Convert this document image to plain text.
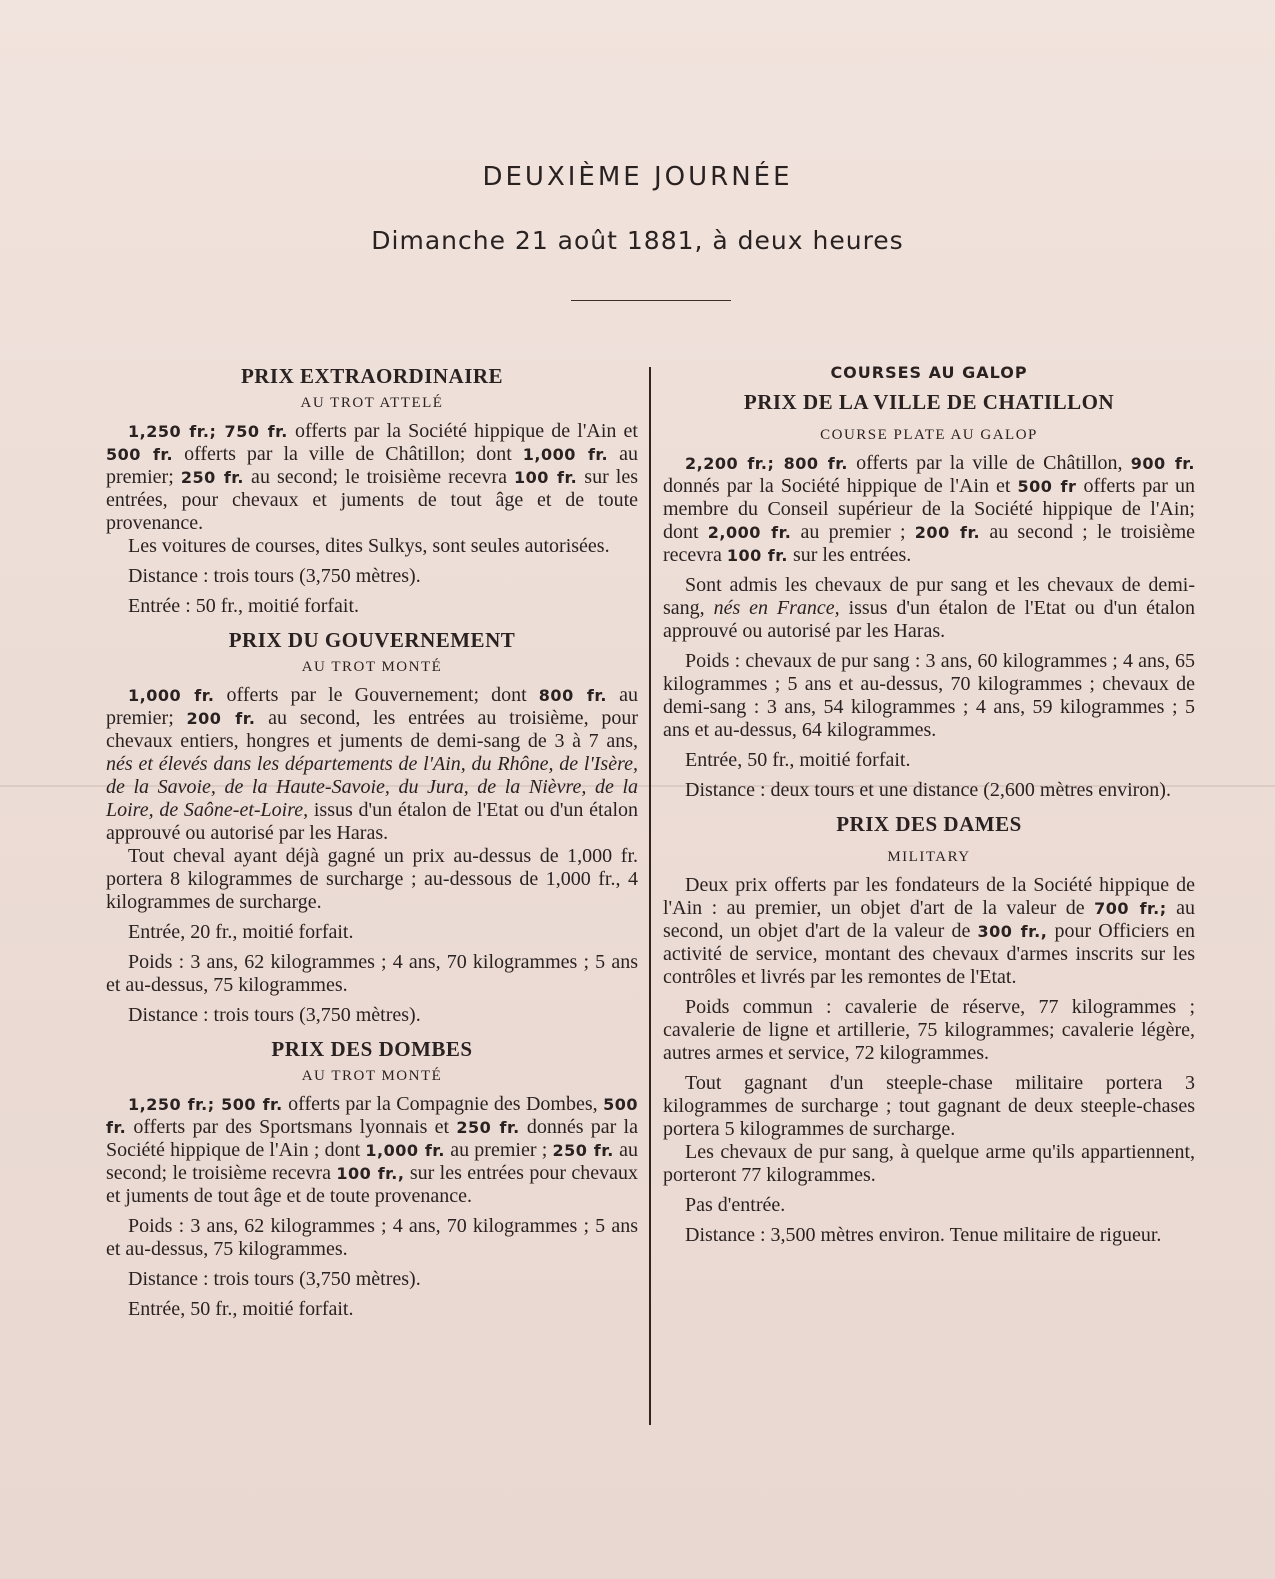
DEUXIÈME JOURNÉE
Dimanche 21 août 1881, à deux heures
PRIX EXTRAORDINAIRE
AU TROT ATTELÉ

1,250 fr.; 750 fr. offerts par la Société hippique de l'Ain et 500 fr. offerts par la ville de Châtillon; dont 1,000 fr. au premier; 250 fr. au second; le troisième recevra 100 fr. sur les entrées, pour chevaux et juments de tout âge et de toute provenance.

Les voitures de courses, dites Sulkys, sont seules autorisées.

Distance : trois tours (3,750 mètres).

Entrée : 50 fr., moitié forfait.

PRIX DU GOUVERNEMENT
AU TROT MONTÉ

1,000 fr. offerts par le Gouvernement; dont 800 fr. au premier; 200 fr. au second, les entrées au troisième, pour chevaux entiers, hongres et juments de demi-sang de 3 à 7 ans, nés et élevés dans les départements de l'Ain, du Rhône, de l'Isère, de la Savoie, de la Haute-Savoie, du Jura, de la Nièvre, de la Loire, de Saône-et-Loire, issus d'un étalon de l'Etat ou d'un étalon approuvé ou autorisé par les Haras.

Tout cheval ayant déjà gagné un prix au-dessus de 1,000 fr. portera 8 kilogrammes de surcharge ; au-dessous de 1,000 fr., 4 kilogrammes de surcharge.

Entrée, 20 fr., moitié forfait.

Poids : 3 ans, 62 kilogrammes ; 4 ans, 70 kilogrammes ; 5 ans et au-dessus, 75 kilogrammes.

Distance : trois tours (3,750 mètres).

PRIX DES DOMBES
AU TROT MONTÉ

1,250 fr.; 500 fr. offerts par la Compagnie des Dombes, 500 fr. offerts par des Sportsmans lyonnais et 250 fr. donnés par la Société hippique de l'Ain ; dont 1,000 fr. au premier ; 250 fr. au second; le troisième recevra 100 fr., sur les entrées pour chevaux et juments de tout âge et de toute provenance.

Poids : 3 ans, 62 kilogrammes ; 4 ans, 70 kilogrammes ; 5 ans et au-dessus, 75 kilogrammes.

Distance : trois tours (3,750 mètres).

Entrée, 50 fr., moitié forfait.

COURSES AU GALOP
PRIX DE LA VILLE DE CHATILLON
COURSE PLATE AU GALOP

2,200 fr.; 800 fr. offerts par la ville de Châtillon, 900 fr. donnés par la Société hippique de l'Ain et 500 fr offerts par un membre du Conseil supérieur de la Société hippique de l'Ain; dont 2,000 fr. au premier ; 200 fr. au second ; le troisième recevra 100 fr. sur les entrées.

Sont admis les chevaux de pur sang et les chevaux de demi-sang, nés en France, issus d'un étalon de l'Etat ou d'un étalon approuvé ou autorisé par les Haras.

Poids : chevaux de pur sang : 3 ans, 60 kilogrammes ; 4 ans, 65 kilogrammes ; 5 ans et au-dessus, 70 kilogrammes ; chevaux de demi-sang : 3 ans, 54 kilogrammes ; 4 ans, 59 kilogrammes ; 5 ans et au-dessus, 64 kilogrammes.

Entrée, 50 fr., moitié forfait.

Distance : deux tours et une distance (2,600 mètres environ).

PRIX DES DAMES
MILITARY

Deux prix offerts par les fondateurs de la Société hippique de l'Ain : au premier, un objet d'art de la valeur de 700 fr.; au second, un objet d'art de la valeur de 300 fr., pour Officiers en activité de service, montant des chevaux d'armes inscrits sur les contrôles et livrés par les remontes de l'Etat.

Poids commun : cavalerie de réserve, 77 kilogrammes ; cavalerie de ligne et artillerie, 75 kilogrammes; cavalerie légère, autres armes et service, 72 kilogrammes.

Tout gagnant d'un steeple-chase militaire portera 3 kilogrammes de surcharge ; tout gagnant de deux steeple-chases portera 5 kilogrammes de surcharge.

Les chevaux de pur sang, à quelque arme qu'ils appartiennent, porteront 77 kilogrammes.

Pas d'entrée.

Distance : 3,500 mètres environ. Tenue militaire de rigueur.
